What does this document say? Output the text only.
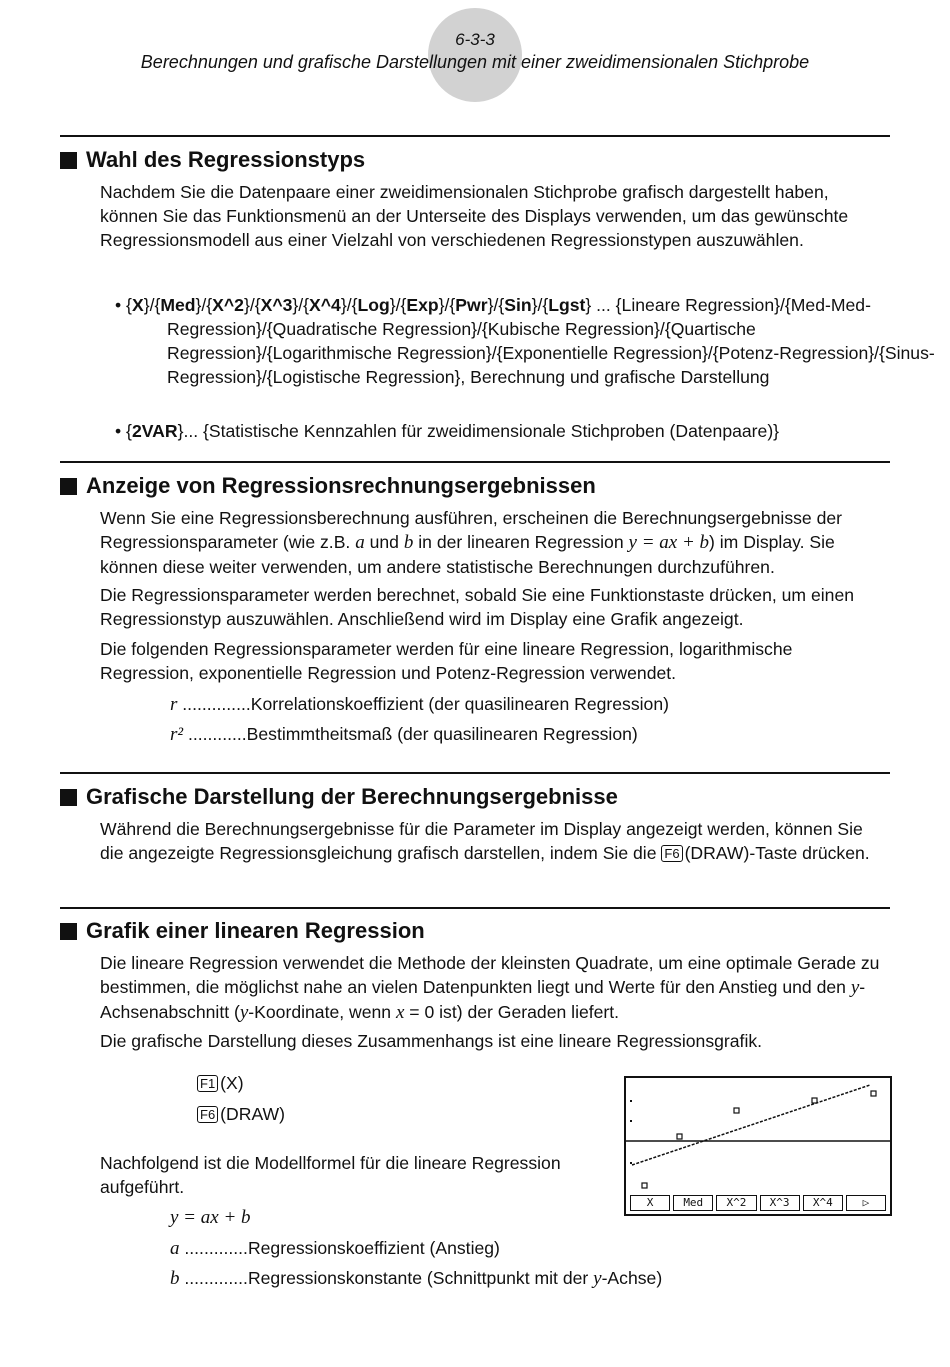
6-3-3
Berechnungen und grafische Darstellungen mit einer zweidimensionalen Stichprobe
Wahl des Regressionstyps
Nachdem Sie die Datenpaare einer zweidimensionalen Stichprobe grafisch dargestellt haben, können Sie das Funktionsmenü an der Unterseite des Displays verwenden, um das gewünschte Regressionsmodell aus einer Vielzahl von verschiedenen Regressionstypen auszuwählen.
• {X}/{Med}/{X^2}/{X^3}/{X^4}/{Log}/{Exp}/{Pwr}/{Sin}/{Lgst} ... {Lineare Regression}/{Med-Med-Regression}/{Quadratische Regression}/{Kubische Regression}/{Quartische Regression}/{Logarithmische Regression}/{Exponentielle Regression}/{Potenz-Regression}/{Sinus-Regression}/{Logistische Regression}, Berechnung und grafische Darstellung
• {2VAR}... {Statistische Kennzahlen für zweidimensionale Stichproben (Datenpaare)}
Anzeige von Regressionsrechnungsergebnissen
Wenn Sie eine Regressionsberechnung ausführen, erscheinen die Berechnungsergebnisse der Regressionsparameter (wie z.B. a und b in der linearen Regression y = ax + b) im Display. Sie können diese weiter verwenden, um andere statistische Berechnungen durchzuführen.
Die Regressionsparameter werden berechnet, sobald Sie eine Funktionstaste drücken, um einen Regressionstyp auszuwählen. Anschließend wird im Display eine Grafik angezeigt.
Die folgenden Regressionsparameter werden für eine lineare Regression, logarithmische Regression, exponentielle Regression und Potenz-Regression verwendet.
r ..............Korrelationskoeffizient (der quasilinearen Regression)
r² ............Bestimmtheitsmaß (der quasilinearen Regression)
Grafische Darstellung der Berechnungsergebnisse
Während die Berechnungsergebnisse für die Parameter im Display angezeigt werden, können Sie die angezeigte Regressionsgleichung grafisch darstellen, indem Sie die F6 (DRAW)-Taste drücken.
Grafik einer linearen Regression
Die lineare Regression verwendet die Methode der kleinsten Quadrate, um eine optimale Gerade zu bestimmen, die möglichst nahe an vielen Datenpunkten liegt und Werte für den Anstieg und den y-Achsenabschnitt (y-Koordinate, wenn x = 0 ist) der Geraden liefert.
Die grafische Darstellung dieses Zusammenhangs ist eine lineare Regressionsgrafik.
F1 (X)
F6 (DRAW)
Nachfolgend ist die Modellformel für die lineare Regression aufgeführt.
y = ax + b
a .............Regressionskoeffizient (Anstieg)
b .............Regressionskonstante (Schnittpunkt mit der y-Achse)
X	Med	X^2	X^3	X^4	▷
